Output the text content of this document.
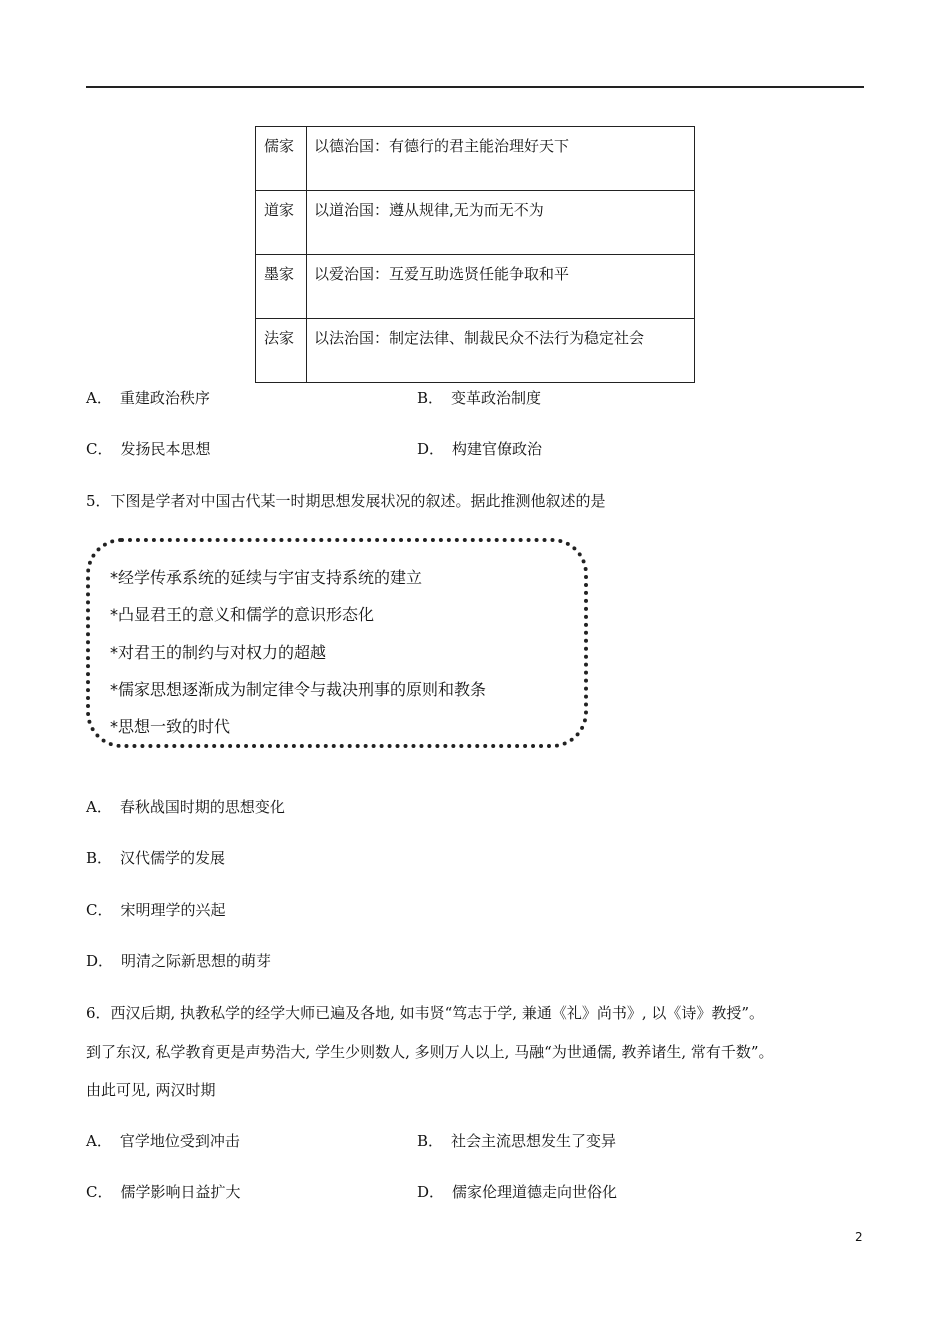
儒家	以德治国：有德行的君主能治理好天下
道家	以道治国：遵从规律,无为而无不为
墨家	以爱治国：互爱互助选贤任能争取和平
法家	以法治国：制定法律、制裁民众不法行为稳定社会
A． 重建政治秩序	B． 变革政治制度
C． 发扬民本思想	D． 构建官僚政治
5．下图是学者对中国古代某一时期思想发展状况的叙述。据此推测他叙述的是
*经学传承系统的延续与宇宙支持系统的建立
*凸显君王的意义和儒学的意识形态化
*对君王的制约与对权力的超越
*儒家思想逐渐成为制定律令与裁决刑事的原则和教条
*思想一致的时代
A． 春秋战国时期的思想变化
B． 汉代儒学的发展
C． 宋明理学的兴起
D． 明清之际新思想的萌芽
6．西汉后期, 执教私学的经学大师已遍及各地, 如韦贤“笃志于学, 兼通《礼》尚书》, 以《诗》教授”。
到了东汉, 私学教育更是声势浩大, 学生少则数人, 多则万人以上, 马融“为世通儒, 教养诸生, 常有千数”。
由此可见, 两汉时期
A． 官学地位受到冲击	B． 社会主流思想发生了变异
C． 儒学影响日益扩大	D． 儒家伦理道德走向世俗化
2
